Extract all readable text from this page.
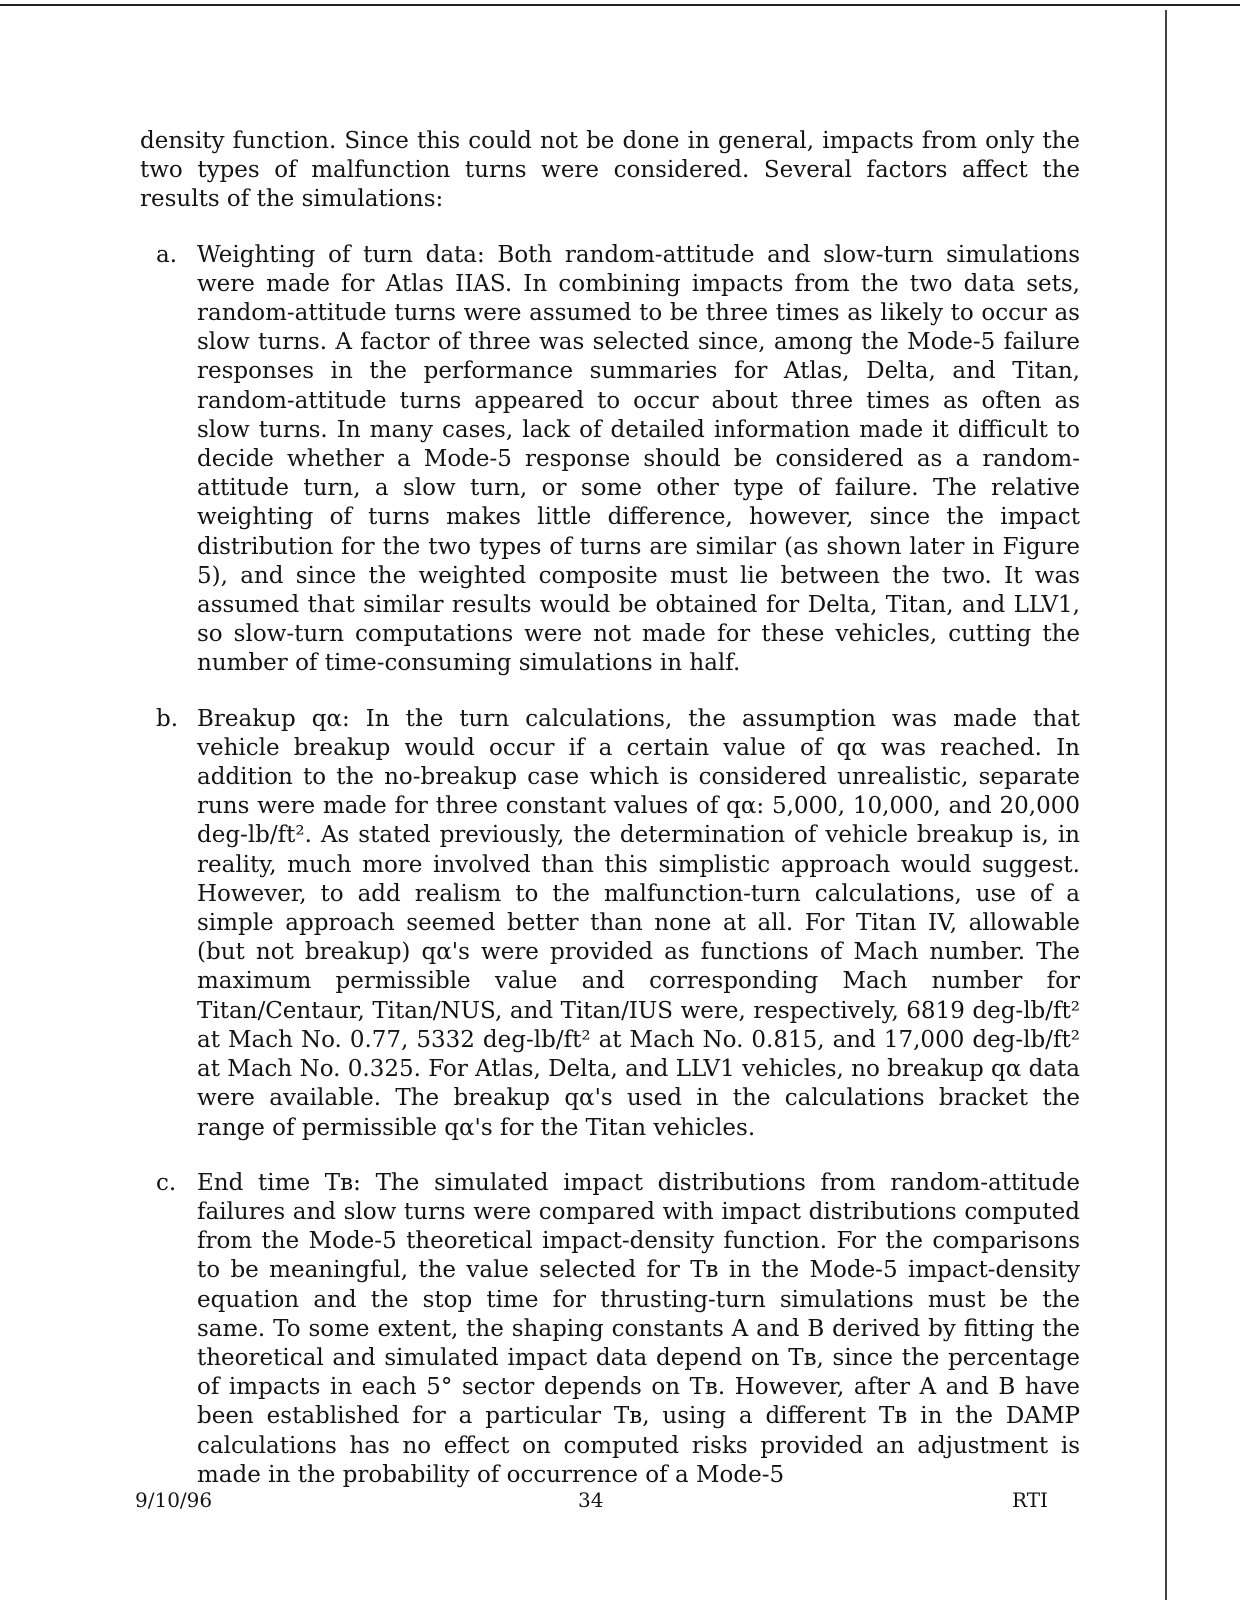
density function. Since this could not be done in general, impacts from only the two types of malfunction turns were considered. Several factors affect the results of the simulations:

a. Weighting of turn data: Both random-attitude and slow-turn simulations were made for Atlas IIAS. In combining impacts from the two data sets, random-attitude turns were assumed to be three times as likely to occur as slow turns. A factor of three was selected since, among the Mode-5 failure responses in the performance summaries for Atlas, Delta, and Titan, random-attitude turns appeared to occur about three times as often as slow turns. In many cases, lack of detailed information made it difficult to decide whether a Mode-5 response should be considered as a random-attitude turn, a slow turn, or some other type of failure. The relative weighting of turns makes little difference, however, since the impact distribution for the two types of turns are similar (as shown later in Figure 5), and since the weighted composite must lie between the two. It was assumed that similar results would be obtained for Delta, Titan, and LLV1, so slow-turn computations were not made for these vehicles, cutting the number of time-consuming simulations in half.

b. Breakup qα: In the turn calculations, the assumption was made that vehicle breakup would occur if a certain value of qα was reached. In addition to the no-breakup case which is considered unrealistic, separate runs were made for three constant values of qα: 5,000, 10,000, and 20,000 deg-lb/ft². As stated previously, the determination of vehicle breakup is, in reality, much more involved than this simplistic approach would suggest. However, to add realism to the malfunction-turn calculations, use of a simple approach seemed better than none at all. For Titan IV, allowable (but not breakup) qα's were provided as functions of Mach number. The maximum permissible value and corresponding Mach number for Titan/Centaur, Titan/NUS, and Titan/IUS were, respectively, 6819 deg-lb/ft² at Mach No. 0.77, 5332 deg-lb/ft² at Mach No. 0.815, and 17,000 deg-lb/ft² at Mach No. 0.325. For Atlas, Delta, and LLV1 vehicles, no breakup qα data were available. The breakup qα's used in the calculations bracket the range of permissible qα's for the Titan vehicles.

c. End time Tʙ: The simulated impact distributions from random-attitude failures and slow turns were compared with impact distributions computed from the Mode-5 theoretical impact-density function. For the comparisons to be meaningful, the value selected for Tʙ in the Mode-5 impact-density equation and the stop time for thrusting-turn simulations must be the same. To some extent, the shaping constants A and B derived by fitting the theoretical and simulated impact data depend on Tʙ, since the percentage of impacts in each 5° sector depends on Tʙ. However, after A and B have been established for a particular Tʙ, using a different Tʙ in the DAMP calculations has no effect on computed risks provided an adjustment is made in the probability of occurrence of a Mode-5

9/10/96	34	RTI
